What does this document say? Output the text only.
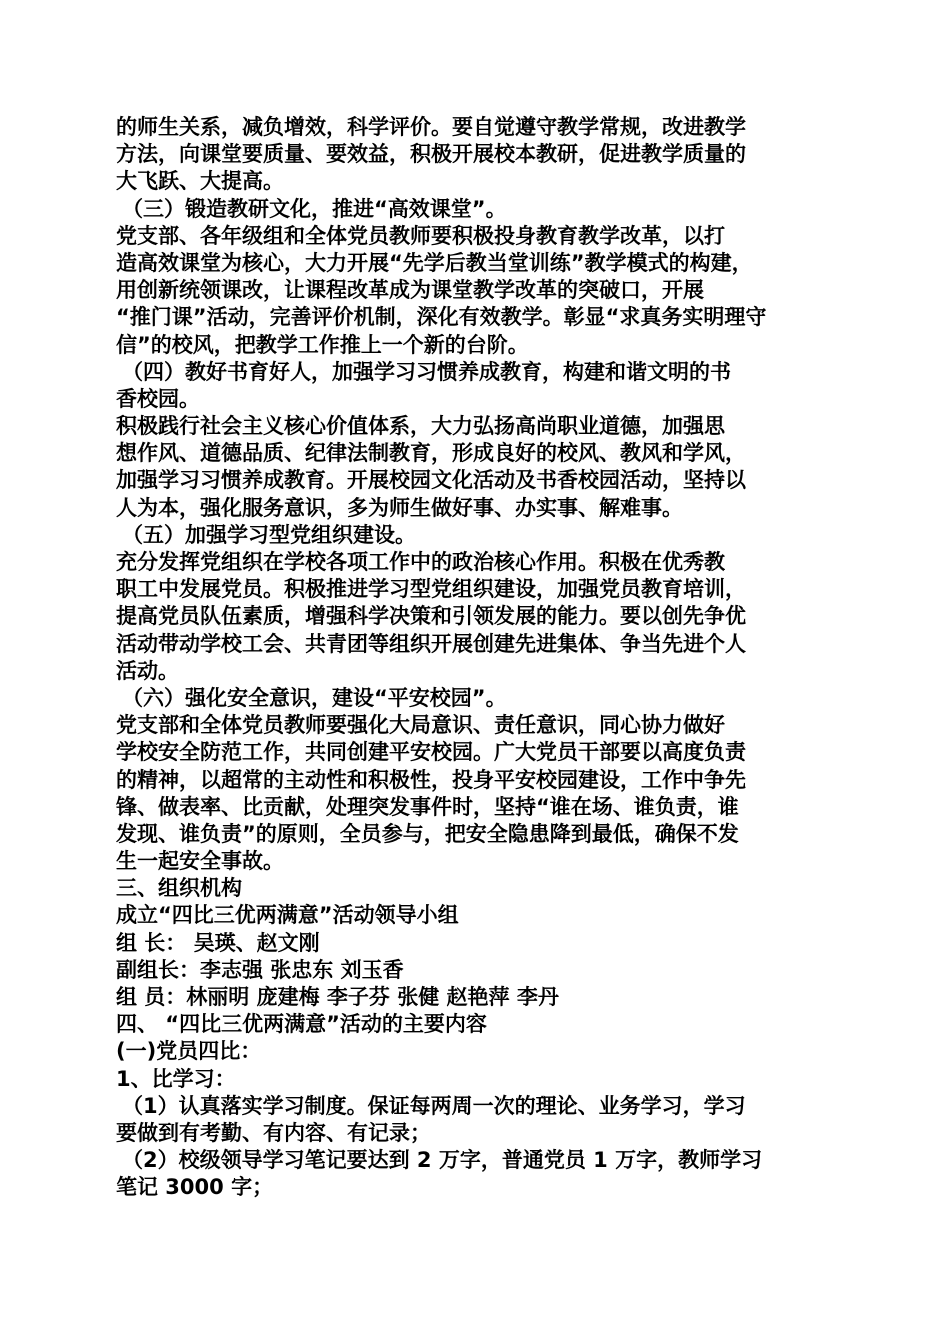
的师生关系，减负增效，科学评价。要自觉遵守教学常规，改进教学
方法，向课堂要质量、要效益，积极开展校本教研，促进教学质量的
大飞跃、大提高。
（三）锻造教研文化，推进“高效课堂”。
党支部、各年级组和全体党员教师要积极投身教育教学改革，以打
造高效课堂为核心，大力开展“先学后教当堂训练”教学模式的构建，
用创新统领课改，让课程改革成为课堂教学改革的突破口，开展
“推门课”活动，完善评价机制，深化有效教学。彰显“求真务实明理守
信”的校风，把教学工作推上一个新的台阶。
（四）教好书育好人，加强学习习惯养成教育，构建和谐文明的书
香校园。
积极践行社会主义核心价值体系，大力弘扬高尚职业道德，加强思
想作风、道德品质、纪律法制教育，形成良好的校风、教风和学风，
加强学习习惯养成教育。开展校园文化活动及书香校园活动，坚持以
人为本，强化服务意识，多为师生做好事、办实事、解难事。
（五）加强学习型党组织建设。
充分发挥党组织在学校各项工作中的政治核心作用。积极在优秀教
职工中发展党员。积极推进学习型党组织建设，加强党员教育培训，
提高党员队伍素质，增强科学决策和引领发展的能力。要以创先争优
活动带动学校工会、共青团等组织开展创建先进集体、争当先进个人
活动。
（六）强化安全意识，建设“平安校园”。
党支部和全体党员教师要强化大局意识、责任意识，同心协力做好
学校安全防范工作，共同创建平安校园。广大党员干部要以高度负责
的精神，以超常的主动性和积极性，投身平安校园建设，工作中争先
锋、做表率、比贡献，处理突发事件时，坚持“谁在场、谁负责，谁
发现、谁负责”的原则，全员参与，把安全隐患降到最低，确保不发
生一起安全事故。
三、组织机构
成立“四比三优两满意”活动领导小组
组 长： 吴瑛、赵文刚
副组长：李志强 张忠东 刘玉香
组 员：林丽明 庞建梅 李子芬 张健 赵艳萍 李丹
四、 “四比三优两满意”活动的主要内容
(一)党员四比：
1、比学习：
（1）认真落实学习制度。保证每两周一次的理论、业务学习，学习
要做到有考勤、有内容、有记录；
（2）校级领导学习笔记要达到 2 万字，普通党员 1 万字，教师学习
笔记 3000 字；
